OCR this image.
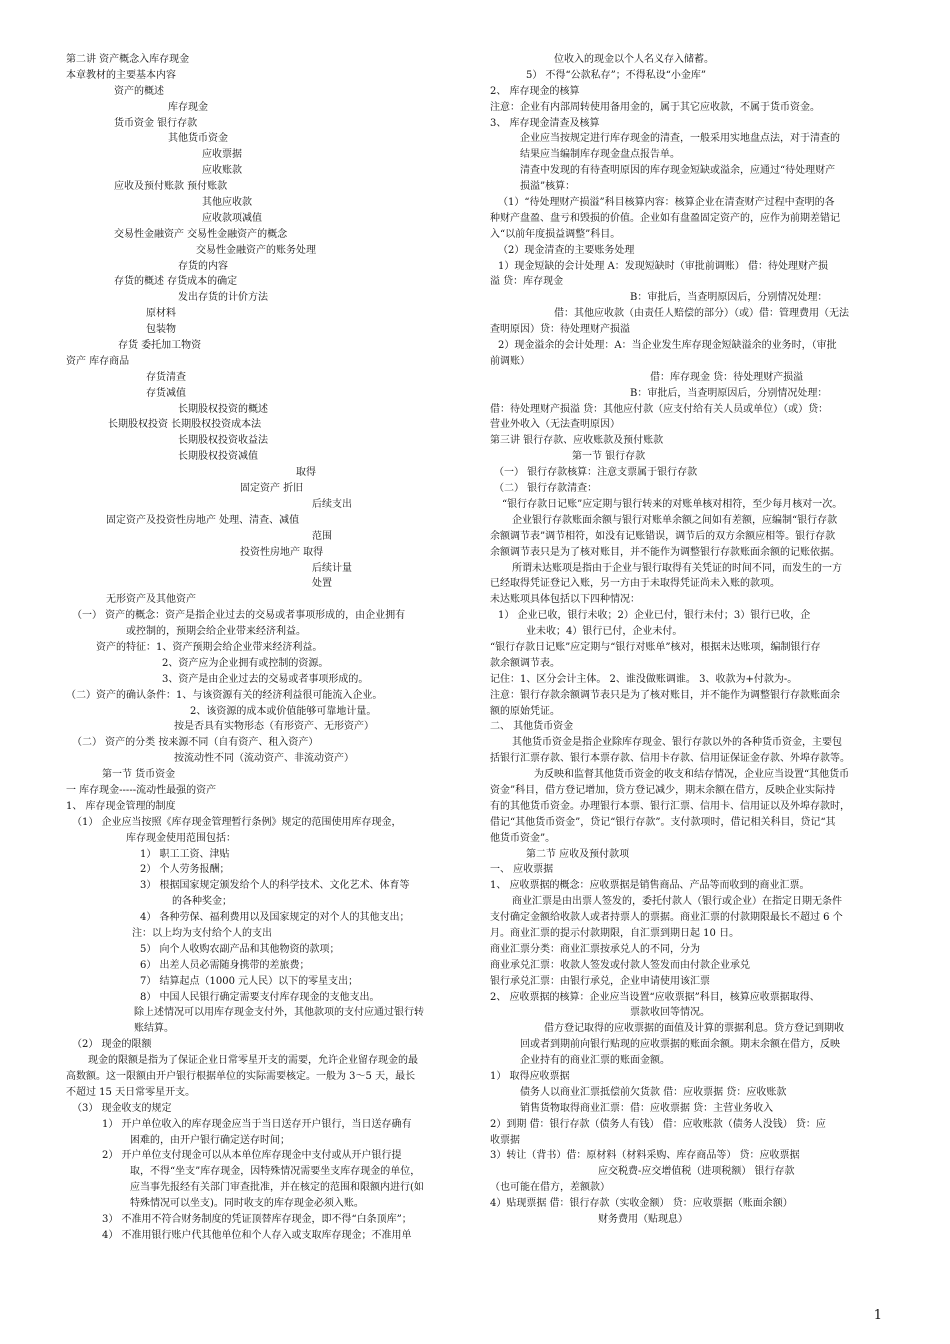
第二讲 资产概念入库存现金
本章教材的主要基本内容
资产的概述
库存现金
货币资金 银行存款
其他货币资金
应收票据
应收账款
应收及预付账款 预付账款
其他应收款
应收款项减值
交易性金融资产 交易性金融资产的概念
交易性金融资产的账务处理
存货的内容
存货的概述 存货成本的确定
发出存货的计价方法
原材料
包装物
存货 委托加工物资
资产 库存商品
存货清查
存货减值
长期股权投资的概述
长期股权投资 长期股权投资成本法
长期股权投资收益法
长期股权投资减值
取得
固定资产 折旧
后续支出
固定资产及投资性房地产 处理、清查、减值
范围
投资性房地产 取得
后续计量
处置
无形资产及其他资产
（一） 资产的概念：资产是指企业过去的交易或者事项形成的，由企业拥有
或控制的，预期会给企业带来经济利益。
资产的特征：1、资产预期会给企业带来经济利益。
2、资产应为企业拥有或控制的资源。
3、资产是由企业过去的交易或者事项形成的。
（二）资产的确认条件：1、与该资源有关的经济利益很可能流入企业。
2、该资源的成本或价值能够可靠地计量。
按是否具有实物形态（有形资产、无形资产）
（二） 资产的分类 按来源不同（自有资产、租入资产）
按流动性不同（流动资产、非流动资产）
第一节 货币资金
一 库存现金-----流动性最强的资产
1、 库存现金管理的制度
（1） 企业应当按照《库存现金管理暂行条例》规定的范围使用库存现金，
库存现金使用范围包括：
1） 职工工资、津贴
2） 个人劳务报酬；
3） 根据国家规定颁发给个人的科学技术、文化艺术、体育等
的各种奖金；
4） 各种劳保、福利费用以及国家规定的对个人的其他支出；
注：以上均为支付给个人的支出
5） 向个人收购农副产品和其他物资的款项；
6） 出差人员必需随身携带的差旅费；
7） 结算起点（1000 元人民）以下的零星支出；
8） 中国人民银行确定需要支付库存现金的支他支出。
除上述情况可以用库存现金支付外，其他款项的支付应通过银行转
账结算。
（2） 现金的限额
现金的限额是指为了保证企业日常零星开支的需要，允许企业留存现金的最
高数额。这一限额由开户银行根据单位的实际需要核定。一般为 3～5 天，最长
不超过 15 天日常零星开支。
（3） 现金收支的规定
1） 开户单位收入的库存现金应当于当日送存开户银行，当日送存确有
困难的，由开户银行确定送存时间；
2） 开户单位支付现金可以从本单位库存现金中支付或从开户银行提
取，不得“坐支”库存现金，因特殊情况需要坐支库存现金的单位，
应当事先报经有关部门审查批准，并在核定的范围和限额内进行(如
特殊情况可以坐支)。同时收支的库存现金必须入账。
3） 不准用不符合财务制度的凭证顶替库存现金，即不得“白条顶库”；
4） 不准用银行账户代其他单位和个人存入或支取库存现金；不准用单
位收入的现金以个人名义存入储蓄。
5） 不得“公款私存”；不得私设“小金库”
2、 库存现金的核算
注意：企业有内部周转使用备用金的，属于其它应收款，不属于货币资金。
3、 库存现金清查及核算
企业应当按规定进行库存现金的清查，一般采用实地盘点法，对于清查的
结果应当编制库存现金盘点报告单。
清查中发现的有待查明原因的库存现金短缺或溢余，应通过“待处理财产
损溢”核算：
（1）“待处理财产损溢”科目核算内容：核算企业在清查财产过程中查明的各
种财产盘盈、盘亏和毁损的价值。企业如有盘盈固定资产的，应作为前期差错记
入“以前年度损益调整”科目。
（2）现金清查的主要账务处理
1）现金短缺的会计处理 A：发现短缺时（审批前调账） 借：待处理财产损
溢 贷：库存现金
B：审批后，当查明原因后，分别情况处理：
借：其他应收款（由责任人赔偿的部分）（或）借：管理费用（无法
查明原因）贷：待处理财产损溢
2）现金溢余的会计处理：A：当企业发生库存现金短缺溢余的业务时，（审批
前调账）
借：库存现金 贷：待处理财产损溢
B：审批后，当查明原因后，分别情况处理：
借：待处理财产损溢 贷：其他应付款（应支付给有关人员或单位）（或）贷：
营业外收入（无法查明原因）
第三讲 银行存款、应收账款及预付账款
第一节 银行存款
（一） 银行存款核算：注意支票属于银行存款
（二） 银行存款清查：
“银行存款日记账”应定期与银行转来的对账单核对相符，至少每月核对一次。
企业银行存款账面余额与银行对账单余额之间如有差额，应编制“银行存款
余额调节表”调节相符，如没有记账错误，调节后的双方余额应相等。银行存款
余额调节表只是为了核对账目，并不能作为调整银行存款账面余额的记账依据。
所谓未达账项是指由于企业与银行取得有关凭证的时间不同，而发生的一方
已经取得凭证登记入账，另一方由于未取得凭证尚未入账的款项。
未达账项具体包括以下四种情况：
1） 企业已收，银行未收；2）企业已付，银行未付；3）银行已收，企
业未收；4）银行已付，企业未付。
“银行存款日记账”应定期与“银行对账单”核对，根据未达账项，编制银行存
款余额调节表。
记住：1、区分会计主体。 2、谁没做账调谁。 3、收款为+付款为-。
注意：银行存款余额调节表只是为了核对账目，并不能作为调整银行存款账面余
额的原始凭证。
二、 其他货币资金
其他货币资金是指企业除库存现金、银行存款以外的各种货币资金，主要包
括银行汇票存款、银行本票存款、信用卡存款、信用证保证金存款、外埠存款等。
为反映和监督其他货币资金的收支和结存情况，企业应当设置“其他货币
资金”科目，借方登记增加，贷方登记减少，期末余额在借方，反映企业实际持
有的其他货币资金。办理银行本票、银行汇票、信用卡、信用证以及外埠存款时，
借记“其他货币资金”，贷记“银行存款”。支付款项时，借记相关科目，贷记“其
他货币资金”。
第二节 应收及预付款项
一、 应收票据
1、 应收票据的概念：应收票据是销售商品、产品等而收到的商业汇票。
商业汇票是由出票人签发的，委托付款人（银行或企业）在指定日期无条件
支付确定金额给收款人或者持票人的票据。商业汇票的付款期限最长不超过 6 个
月。商业汇票的提示付款期限，自汇票到期日起 10 日。
商业汇票分类：商业汇票按承兑人的不同，分为
商业承兑汇票：收款人签发或付款人签发而由付款企业承兑
银行承兑汇票：由银行承兑，企业申请使用该汇票
2、 应收票据的核算：企业应当设置“应收票据”科目，核算应收票据取得、
票款收回等情况。
借方登记取得的应收票据的面值及计算的票据利息。贷方登记到期收
回或者到期前向银行贴现的应收票据的账面余额。期末余额在借方，反映
企业持有的商业汇票的账面金额。
1） 取得应收票据
债务人以商业汇票抵偿前欠货款 借：应收票据 贷：应收账款
销售货物取得商业汇票：借：应收票据 贷：主营业务收入
2）到期 借：银行存款（债务人有钱） 借：应收账款（债务人没钱） 贷：应
收票据
3）转让（背书）借：原材料（材料采购、库存商品等） 贷：应收票据
应交税费-应交增值税（进项税额） 银行存款
（也可能在借方，差额款）
4）贴现票据 借：银行存款（实收金额） 贷：应收票据（账面余额）
财务费用（贴现息）
1
